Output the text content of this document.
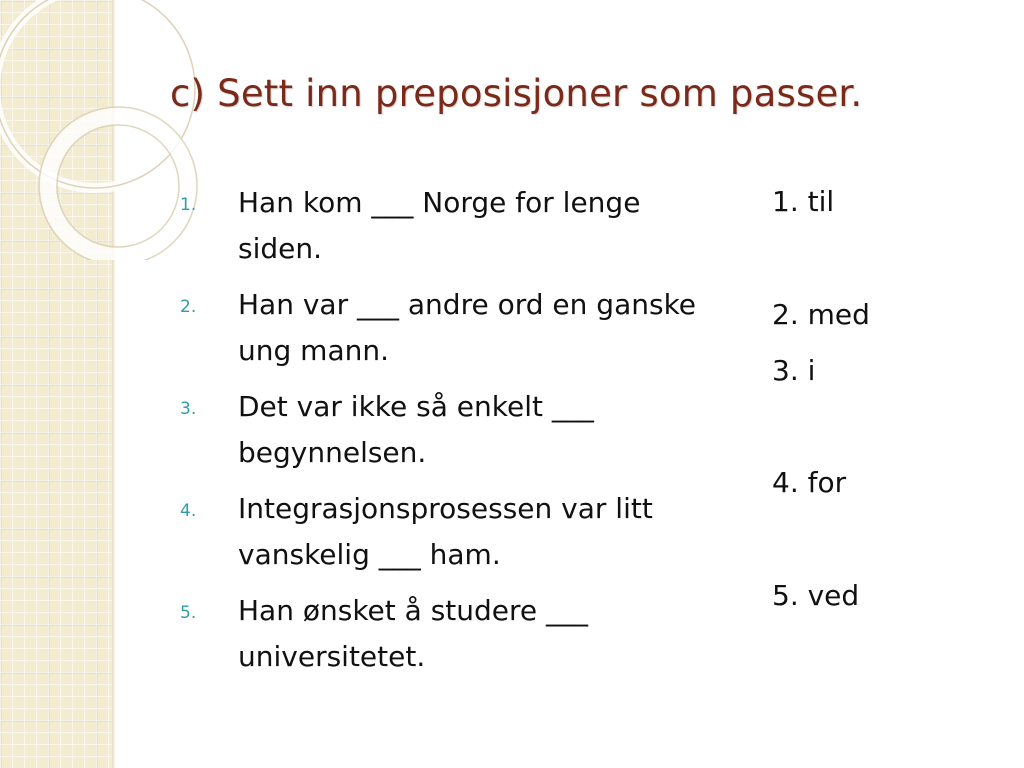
c) Sett inn preposisjoner som passer.
1. Han kom ___ Norge for lenge siden.
2. Han var ___ andre ord en ganske ung mann.
3. Det var ikke så enkelt ___ begynnelsen.
4. Integrasjonsprosessen var litt vanskelig ___ ham.
5. Han ønsket å studere ___ universitetet.
1. til
2. med
3. i
4. for
5. ved
